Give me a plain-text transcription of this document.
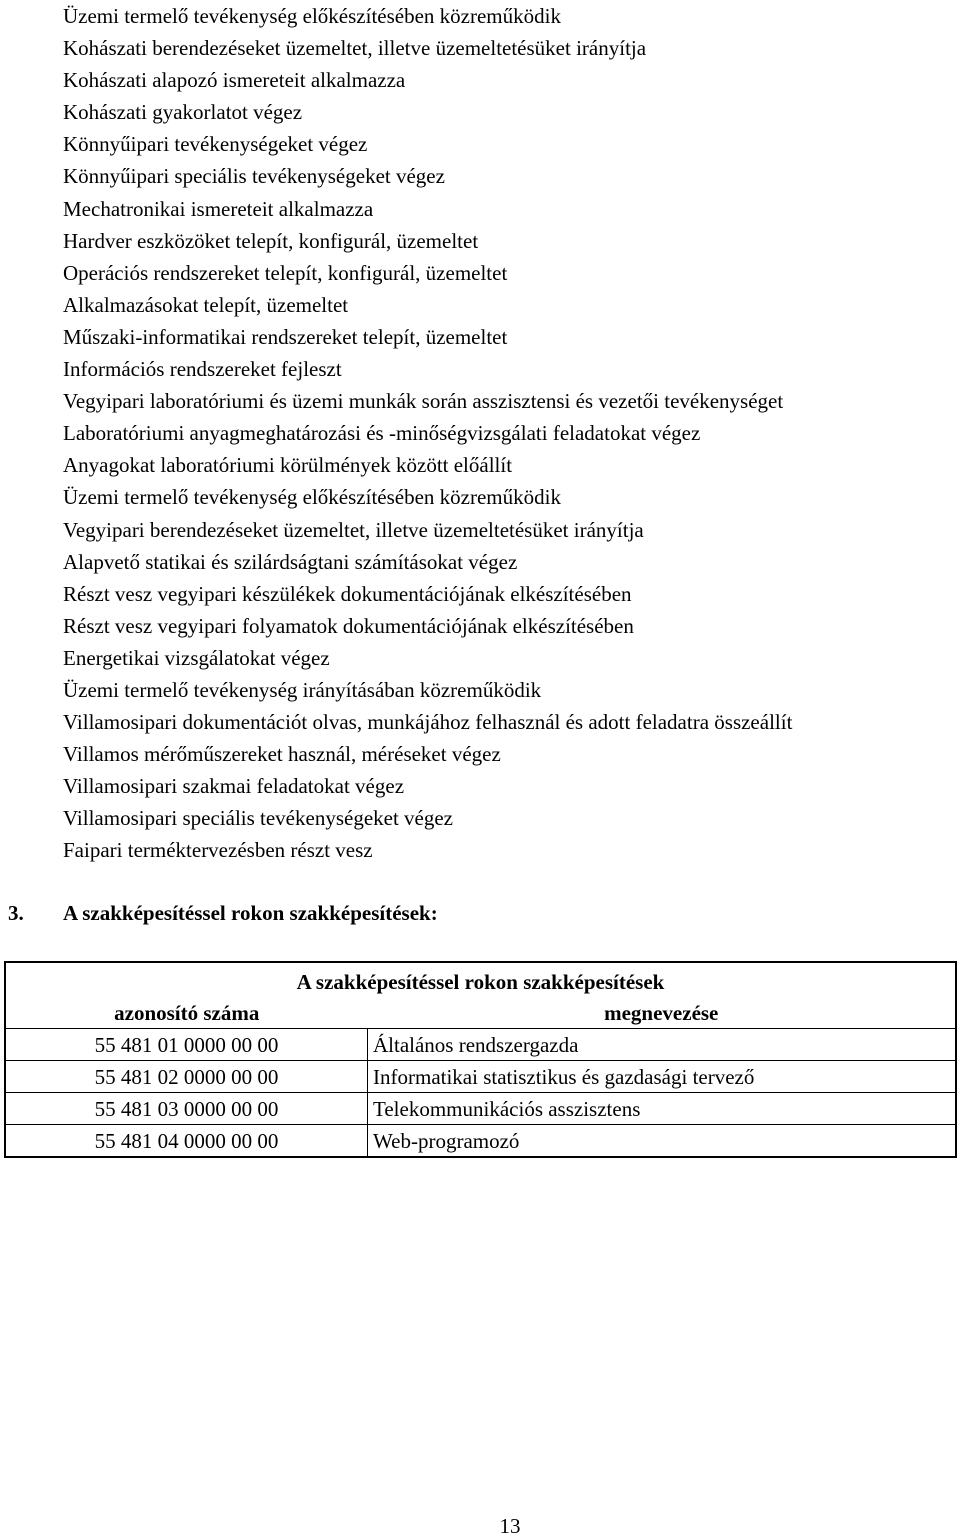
Üzemi termelő tevékenység előkészítésében közreműködik
Kohászati berendezéseket üzemeltet, illetve üzemeltetésüket irányítja
Kohászati alapozó ismereteit alkalmazza
Kohászati gyakorlatot végez
Könnyűipari tevékenységeket végez
Könnyűipari speciális tevékenységeket végez
Mechatronikai ismereteit alkalmazza
Hardver eszközöket telepít, konfigurál, üzemeltet
Operációs rendszereket telepít, konfigurál, üzemeltet
Alkalmazásokat telepít, üzemeltet
Műszaki-informatikai rendszereket telepít, üzemeltet
Információs rendszereket fejleszt
Vegyipari laboratóriumi és üzemi munkák során asszisztensi és vezetői tevékenységet
Laboratóriumi anyagmeghatározási és -minőségvizsgálati feladatokat végez
Anyagokat laboratóriumi körülmények között előállít
Üzemi termelő tevékenység előkészítésében közreműködik
Vegyipari berendezéseket üzemeltet, illetve üzemeltetésüket irányítja
Alapvető statikai és szilárdságtani számításokat végez
Részt vesz vegyipari készülékek dokumentációjának elkészítésében
Részt vesz vegyipari folyamatok dokumentációjának elkészítésében
Energetikai vizsgálatokat végez
Üzemi termelő tevékenység irányításában közreműködik
Villamosipari dokumentációt olvas, munkájához felhasznál és adott feladatra összeállít
Villamos mérőműszereket használ, méréseket végez
Villamosipari szakmai feladatokat végez
Villamosipari speciális tevékenységeket végez
Faipari terméktervezésben részt vesz
3. A szakképesítéssel rokon szakképesítések:
A szakképesítéssel rokon szakképesítések	
azonosító száma	megnevezése
55 481 01 0000 00 00	Általános rendszergazda
55 481 02 0000 00 00	Informatikai statisztikus és gazdasági tervező
55 481 03 0000 00 00	Telekommunikációs asszisztens
55 481 04 0000 00 00	Web-programozó
13
